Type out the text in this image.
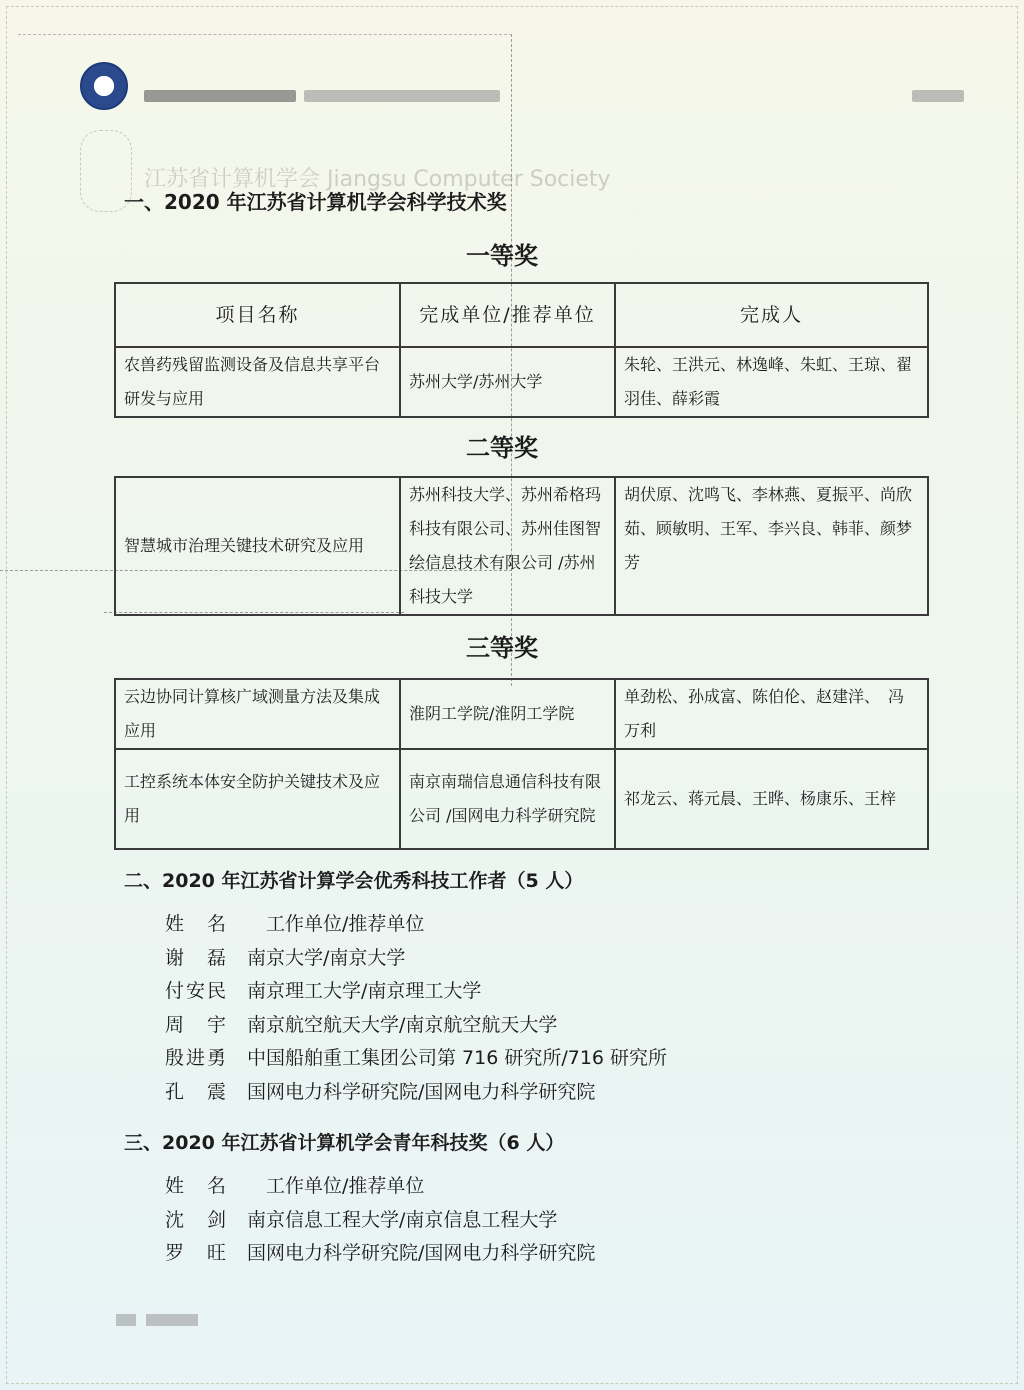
江苏省计算机学会 Jiangsu Computer Society
一、2020 年江苏省计算机学会科学技术奖
一等奖
项目名称	完成单位/推荐单位	完成人
农兽药残留监测设备及信息共享平台研发与应用	苏州大学/苏州大学	朱轮、王洪元、林逸峰、朱虹、王琼、翟羽佳、薛彩霞
二等奖
智慧城市治理关键技术研究及应用	苏州科技大学、苏州希格玛科技有限公司、苏州佳图智绘信息技术有限公司 /苏州科技大学	胡伏原、沈鸣飞、李林燕、夏振平、尚欣茹、顾敏明、王军、李兴良、韩菲、颜梦芳
三等奖
云边协同计算核广域测量方法及集成应用	淮阴工学院/淮阴工学院	单劲松、孙成富、陈伯伦、赵建洋、　冯万利
工控系统本体安全防护关键技术及应用	南京南瑞信息通信科技有限公司 /国网电力科学研究院	祁龙云、蒋元晨、王晔、杨康乐、王梓
二、2020 年江苏省计算学会优秀科技工作者（5 人）
姓　名 　工作单位/推荐单位
谢　磊 南京大学/南京大学
付安民 南京理工大学/南京理工大学
周　宇 南京航空航天大学/南京航空航天大学
殷进勇 中国船舶重工集团公司第 716 研究所/716 研究所
孔　震 国网电力科学研究院/国网电力科学研究院
三、2020 年江苏省计算机学会青年科技奖（6 人）
姓　名 　工作单位/推荐单位
沈　剑 南京信息工程大学/南京信息工程大学
罗　旺 国网电力科学研究院/国网电力科学研究院
